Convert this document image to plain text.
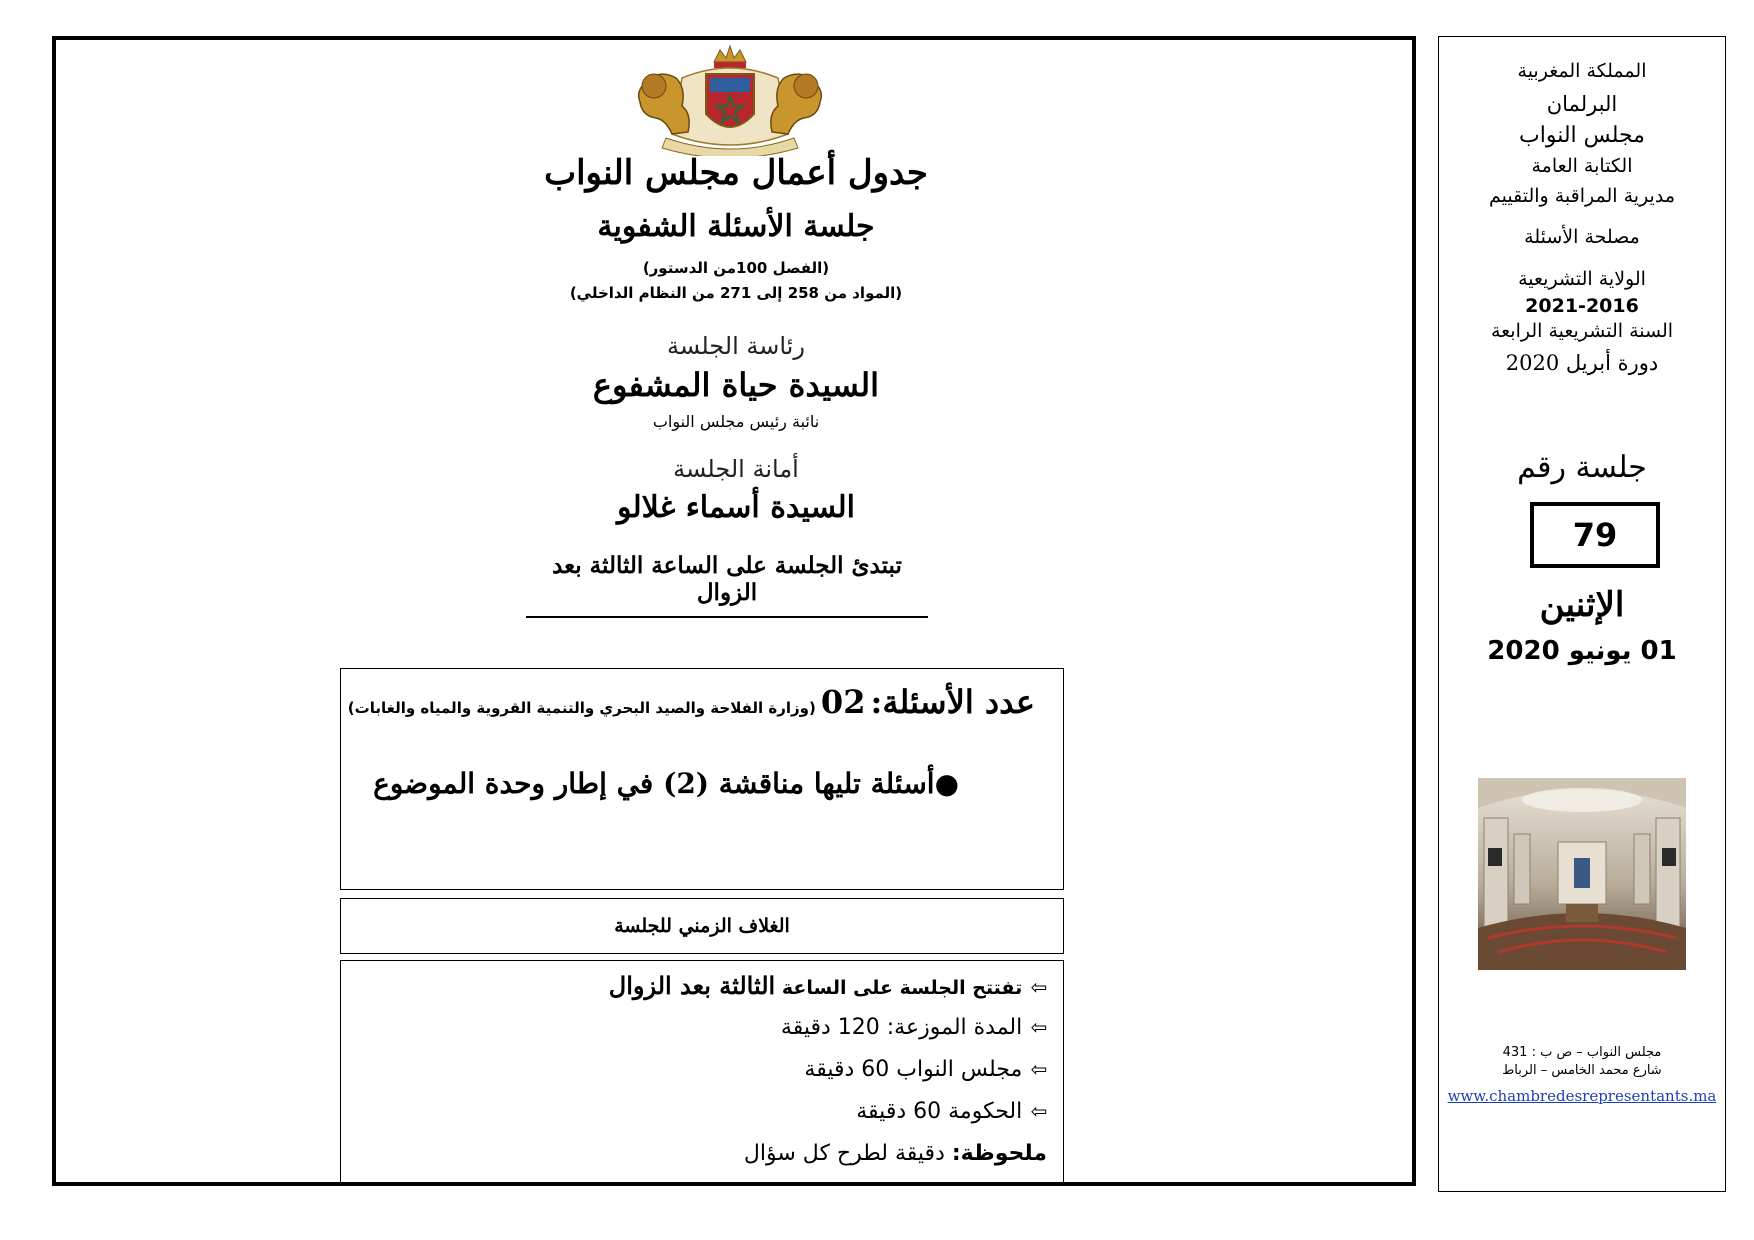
جدول أعمال مجلس النواب
جلسة الأسئلة الشفوية
(الفصل 100من الدستور)
(المواد من 258 إلى 271 من النظام الداخلي)
رئاسة الجلسة
السيدة حياة المشفوع
نائبة رئيس مجلس النواب
أمانة الجلسة
السيدة أسماء غلالو
تبتدئ الجلسة على الساعة الثالثة بعد الزوال
عدد الأسئلة: 02 (وزارة الفلاحة والصيد البحري والتنمية القروية والمياه والغابات)
●أسئلة تليها مناقشة (2) في إطار وحدة الموضوع
الغلاف الزمني للجلسة
⇨تفتتح الجلسة على الساعة الثالثة بعد الزوال
⇨المدة الموزعة: 120 دقيقة
⇨مجلس النواب 60 دقيقة
⇨الحكومة 60 دقيقة
ملحوظة: دقيقة لطرح كل سؤال
المملكة المغربية
البرلمان
مجلس النواب
الكتابة العامة
مديرية المراقبة والتقييم
مصلحة الأسئلة
الولاية التشريعية
2021-2016
السنة التشريعية الرابعة
دورة أبريل 2020
جلسة رقم
79
الإثنين
01 يونيو 2020
مجلس النواب – ص ب : 431
شارع محمد الخامس – الرباط
www.chambredesrepresentants.ma
